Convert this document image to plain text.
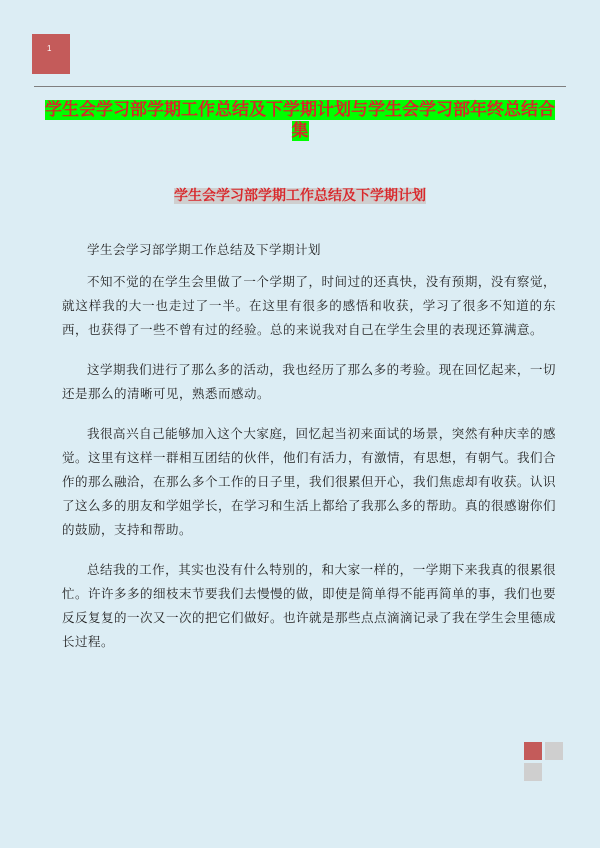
1
学生会学习部学期工作总结及下学期计划与学生会学习部年终总结合集
学生会学习部学期工作总结及下学期计划

学生会学习部学期工作总结及下学期计划

不知不觉的在学生会里做了一个学期了，时间过的还真快，没有预期，没有察觉，就这样我的大一也走过了一半。在这里有很多的感悟和收获，学习了很多不知道的东西，也获得了一些不曾有过的经验。总的来说我对自己在学生会里的表现还算满意。

这学期我们进行了那么多的活动，我也经历了那么多的考验。现在回忆起来，一切还是那么的清晰可见，熟悉而感动。

我很高兴自己能够加入这个大家庭，回忆起当初来面试的场景，突然有种庆幸的感觉。这里有这样一群相互团结的伙伴，他们有活力，有激情，有思想，有朝气。我们合作的那么融洽，在那么多个工作的日子里，我们很累但开心，我们焦虑却有收获。认识了这么多的朋友和学姐学长，在学习和生活上都给了我那么多的帮助。真的很感谢你们的鼓励，支持和帮助。

总结我的工作，其实也没有什么特别的，和大家一样的，一学期下来我真的很累很忙。许许多多的细枝末节要我们去慢慢的做，即使是简单得不能再简单的事，我们也要反反复复的一次又一次的把它们做好。也许就是那些点点滴滴记录了我在学生会里德成长过程。
